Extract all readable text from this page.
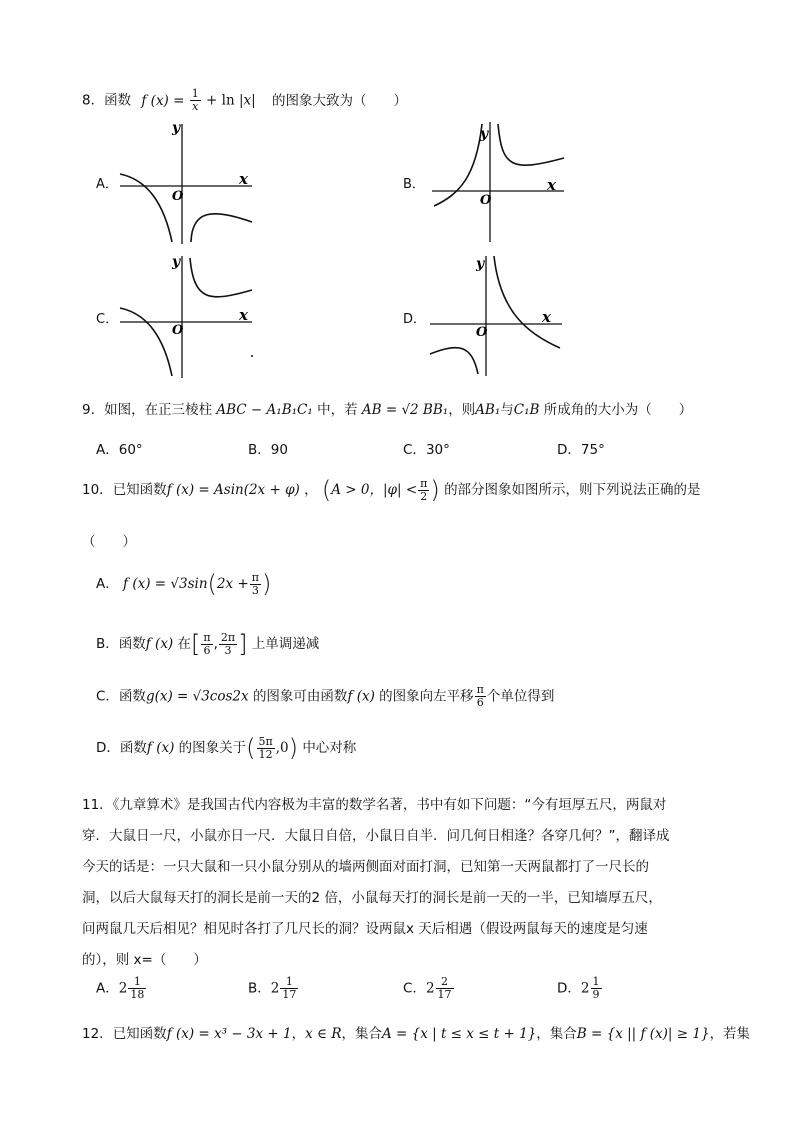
8．函数 f $(x) = \frac{1}{x} + \ln |x|$ 的图象大致为（　　）
A．	x
y
O
B．	x
y
O
C．	x
y
O
D．	x
y
O
9．如图，在正三棱柱 ABC − A₁B₁C₁ 中，若 AB = √2 BB₁，则AB₁与C₁B 所成角的大小为（　　）
A．60°	B．90	C．30°	D．75°
10．已知函数f (x) = Asin(2x + φ) ， (A > 0，$|\varphi| < \frac{\pi}{2}$ ) 的部分图象如图所示，则下列说法正确的是
（　　）
A． f $(x) = √3\sin(2x + \frac{\pi}{3}$ )
B．函数f (x) 在[ $\frac{\pi}{6}$ , $\frac{2\pi}{3}$ ] 上单调递减
C．函数g(x) = √3cos2x 的图象可由函数f (x) 的图象向左平移 $\frac{\pi}{6}$ 个单位得到
D．函数f (x) 的图象关于( $\frac{5\pi}{12} ,0$) 中心对称
11．《九章算术》是我国古代内容极为丰富的数学名著，书中有如下问题：“今有垣厚五尺，两鼠对
穿．大鼠日一尺，小鼠亦日一尺．大鼠日自倍，小鼠日自半．问几何日相逢？各穿几何？”，翻译成
今天的话是：一只大鼠和一只小鼠分别从的墙两侧面对面打洞，已知第一天两鼠都打了一尺长的
洞，以后大鼠每天打的洞长是前一天的2 倍，小鼠每天打的洞长是前一天的一半，已知墙厚五尺，
问两鼠几天后相见？相见时各打了几尺长的洞？设两鼠x 天后相遇（假设两鼠每天的速度是匀速
的），则 x=（　　）
A．$2 \frac{1}{18}$	B．$2 \frac{1}{17}$	C．$2 \frac{2}{17}$	D．$2 \frac{1}{9}$
12．已知函数f (x) = x³ − 3x + 1，x ∈ R，集合A = {x | t ≤ x ≤ t + 1}，集合B = {x || f (x)| ≥ 1}，若集
